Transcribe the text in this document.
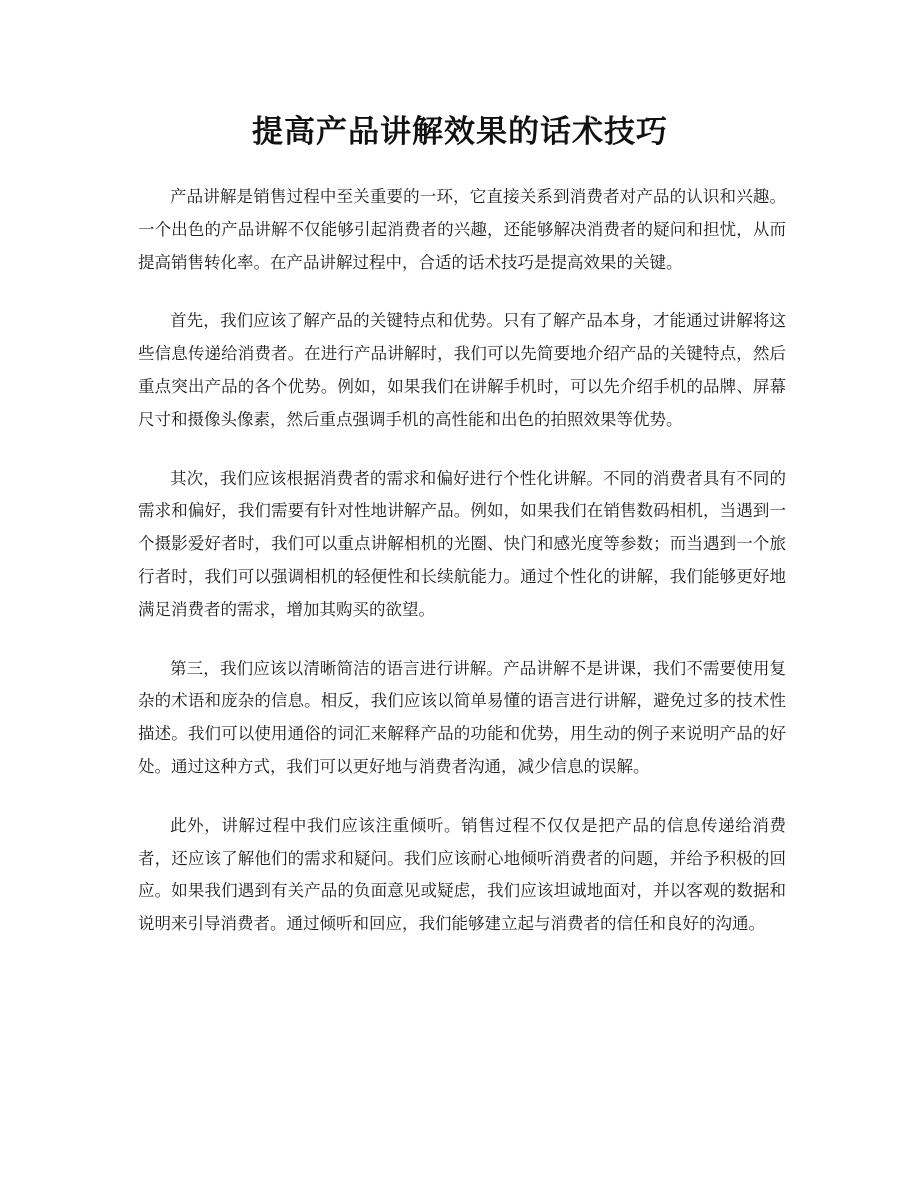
提高产品讲解效果的话术技巧

产品讲解是销售过程中至关重要的一环，它直接关系到消费者对产品的认识和兴趣。一个出色的产品讲解不仅能够引起消费者的兴趣，还能够解决消费者的疑问和担忧，从而提高销售转化率。在产品讲解过程中，合适的话术技巧是提高效果的关键。

首先，我们应该了解产品的关键特点和优势。只有了解产品本身，才能通过讲解将这些信息传递给消费者。在进行产品讲解时，我们可以先简要地介绍产品的关键特点，然后重点突出产品的各个优势。例如，如果我们在讲解手机时，可以先介绍手机的品牌、屏幕尺寸和摄像头像素，然后重点强调手机的高性能和出色的拍照效果等优势。

其次，我们应该根据消费者的需求和偏好进行个性化讲解。不同的消费者具有不同的需求和偏好，我们需要有针对性地讲解产品。例如，如果我们在销售数码相机，当遇到一个摄影爱好者时，我们可以重点讲解相机的光圈、快门和感光度等参数；而当遇到一个旅行者时，我们可以强调相机的轻便性和长续航能力。通过个性化的讲解，我们能够更好地满足消费者的需求，增加其购买的欲望。

第三，我们应该以清晰简洁的语言进行讲解。产品讲解不是讲课，我们不需要使用复杂的术语和庞杂的信息。相反，我们应该以简单易懂的语言进行讲解，避免过多的技术性描述。我们可以使用通俗的词汇来解释产品的功能和优势，用生动的例子来说明产品的好处。通过这种方式，我们可以更好地与消费者沟通，减少信息的误解。

此外，讲解过程中我们应该注重倾听。销售过程不仅仅是把产品的信息传递给消费者，还应该了解他们的需求和疑问。我们应该耐心地倾听消费者的问题，并给予积极的回应。如果我们遇到有关产品的负面意见或疑虑，我们应该坦诚地面对，并以客观的数据和说明来引导消费者。通过倾听和回应，我们能够建立起与消费者的信任和良好的沟通。
